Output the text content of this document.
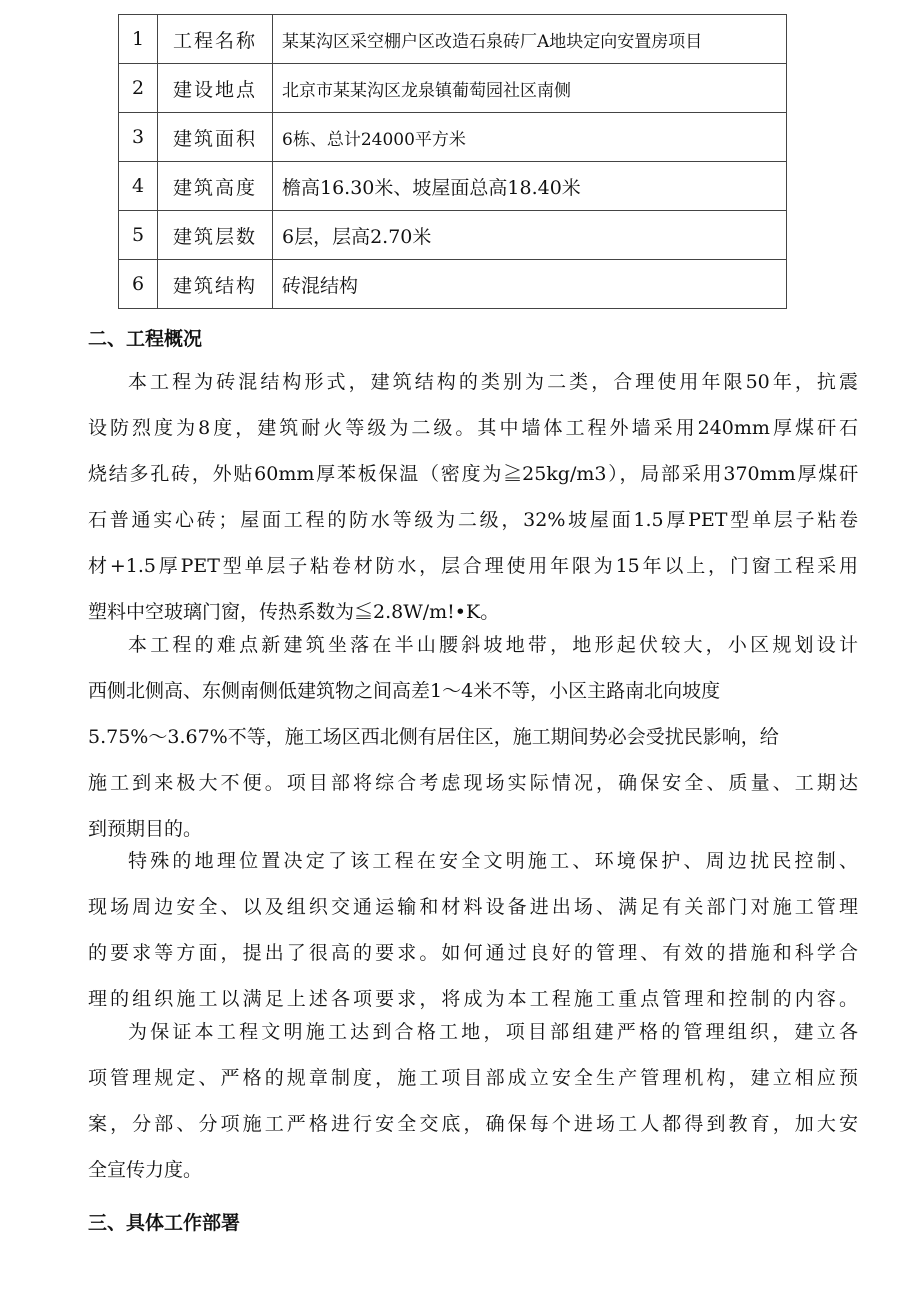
1	工程名称	某某沟区采空棚户区改造石泉砖厂A地块定向安置房项目
2	建设地点	北京市某某沟区龙泉镇葡萄园社区南侧
3	建筑面积	6栋、总计24000平方米
4	建筑高度	檐高16.30米、坡屋面总高18.40米
5	建筑层数	6层，层高2.70米
6	建筑结构	砖混结构
二、工程概况
本工程为砖混结构形式，建筑结构的类别为二类，合理使用年限50年，抗震
设防烈度为8度，建筑耐火等级为二级。其中墙体工程外墙采用240mm厚煤矸石
烧结多孔砖，外贴60mm厚苯板保温（密度为≧25kg/m3），局部采用370mm厚煤矸
石普通实心砖；屋面工程的防水等级为二级，32%坡屋面1.5厚PET型单层子粘卷
材+1.5厚PET型单层子粘卷材防水，层合理使用年限为15年以上，门窗工程采用
塑料中空玻璃门窗，传热系数为≦2.8W/m!•K。
本工程的难点新建筑坐落在半山腰斜坡地带，地形起伏较大，小区规划设计
西侧北侧高、东侧南侧低建筑物之间高差1～4米不等，小区主路南北向坡度
5.75%～3.67%不等，施工场区西北侧有居住区，施工期间势必会受扰民影响，给
施工到来极大不便。项目部将综合考虑现场实际情况，确保安全、质量、工期达
到预期目的。
特殊的地理位置决定了该工程在安全文明施工、环境保护、周边扰民控制、
现场周边安全、以及组织交通运输和材料设备进出场、满足有关部门对施工管理
的要求等方面，提出了很高的要求。如何通过良好的管理、有效的措施和科学合
理的组织施工以满足上述各项要求，将成为本工程施工重点管理和控制的内容。
为保证本工程文明施工达到合格工地，项目部组建严格的管理组织，建立各
项管理规定、严格的规章制度，施工项目部成立安全生产管理机构，建立相应预
案，分部、分项施工严格进行安全交底，确保每个进场工人都得到教育，加大安
全宣传力度。
三、具体工作部署
